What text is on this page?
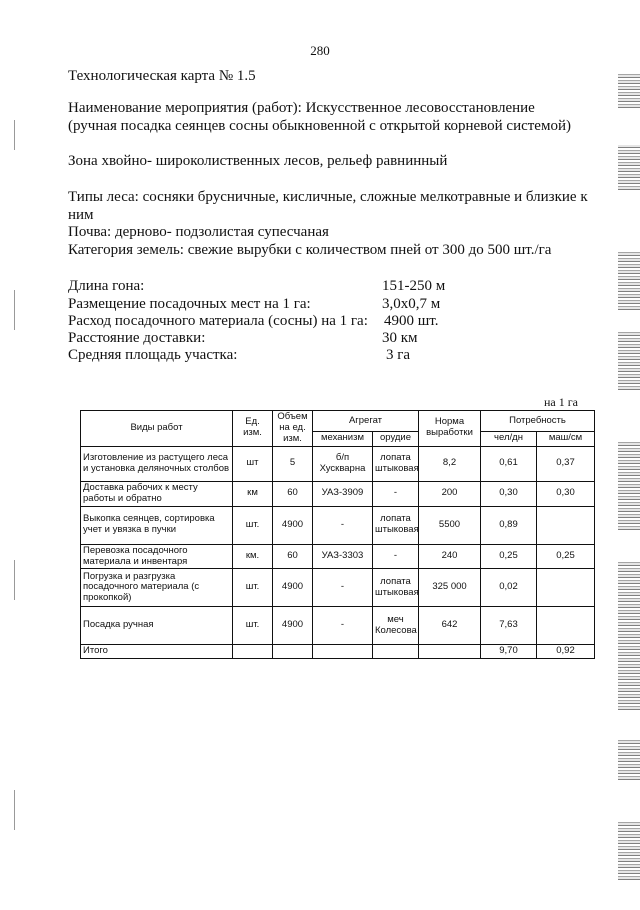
280
Технологическая карта № 1.5
Наименование мероприятия (работ): Искусственное лесовосстановление
(ручная посадка сеянцев сосны обыкновенной с открытой корневой системой)
Зона хвойно- широколиственных лесов, рельеф равнинный
Типы леса: сосняки брусничные, кисличные, сложные мелкотравные и близкие к
ним
Почва: дерново- подзолистая супесчаная
Категория земель: свежие вырубки с количеством пней от 300 до 500 шт./га
Длина гона:	151-250 м
Размещение посадочных мест на 1 га:	3,0х0,7 м
Расход посадочного материала (сосны) на 1 га: 4900 шт.
Расстояние доставки:	30 км
Средняя площадь участка:	3 га
на 1 га
Виды работ	Ед. изм.	Объем на ед. изм.	Агрегат		Норма выработки	Потребность	
			механизм	орудие		чел/дн	маш/см
Изготовление из растущего леса и установка деляночных столбов	шт	5	б/п Хускварна	лопата штыковая	8,2	0,61	0,37
Доставка рабочих к месту работы и обратно	км	60	УАЗ-3909	-	200	0,30	0,30
Выкопка сеянцев, сортировка учет и увязка в пучки	шт.	4900	-	лопата штыковая	5500	0,89	
Перевозка посадочного материала и инвентаря	км.	60	УАЗ-3303	-	240	0,25	0,25
Погрузка и разгрузка посадочного материала (с прокопкой)	шт.	4900	-	лопата штыковая	325 000	0,02	
Посадка ручная	шт.	4900	-	меч Колесова	642	7,63	
Итого						9,70	0,92
